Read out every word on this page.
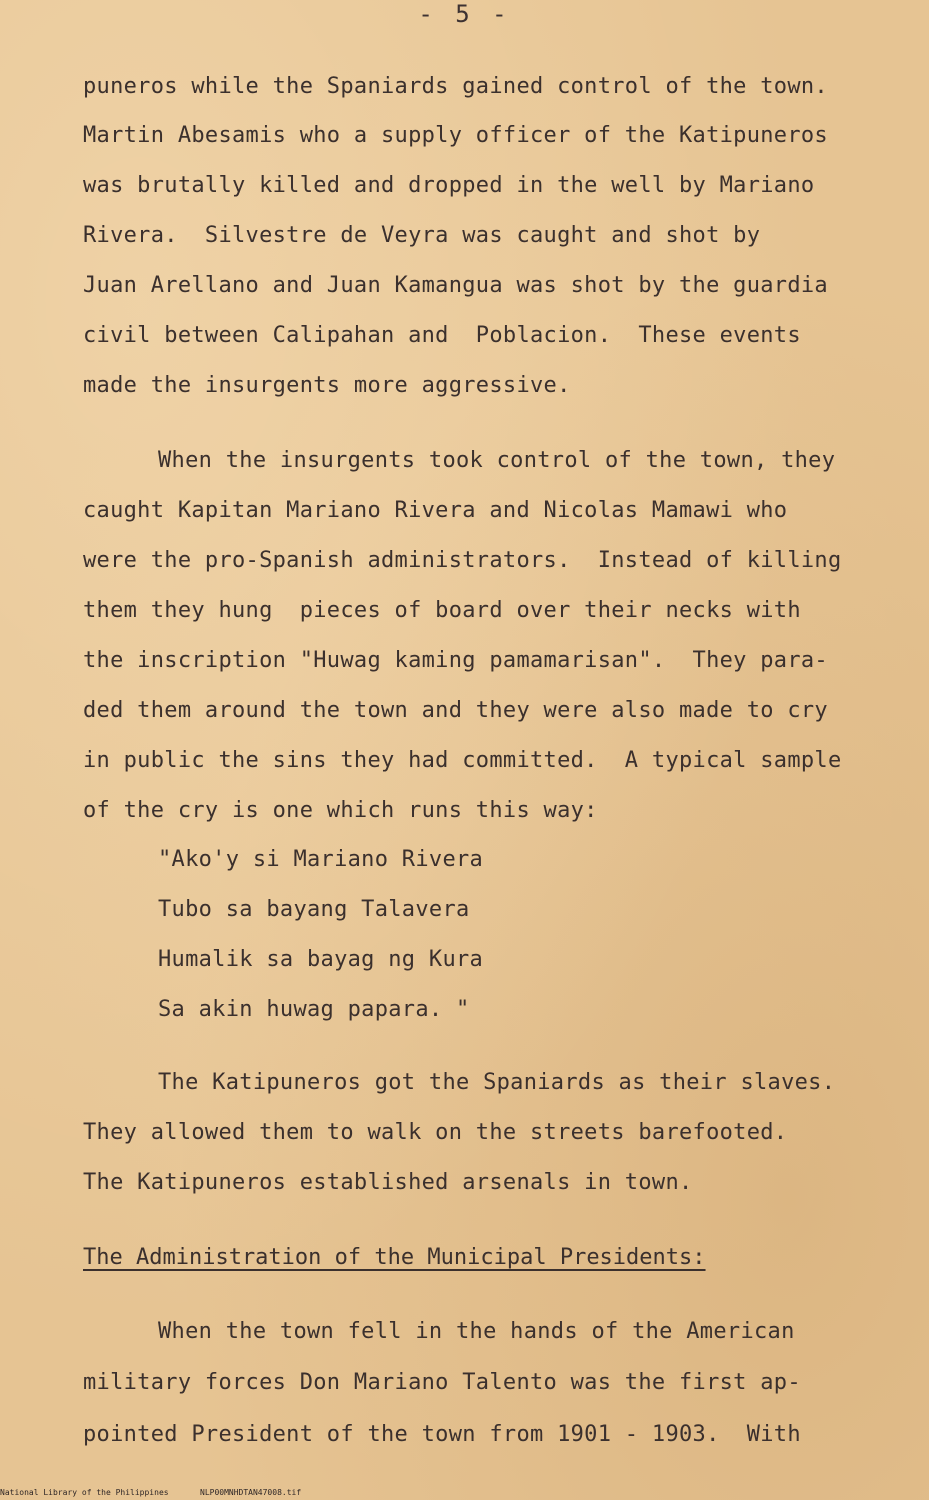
- 5 -
puneros while the Spaniards gained control of the town.
Martin Abesamis who a supply officer of the Katipuneros
was brutally killed and dropped in the well by Mariano
Rivera.  Silvestre de Veyra was caught and shot by
Juan Arellano and Juan Kamangua was shot by the guardia
civil between Calipahan and  Poblacion.  These events
made the insurgents more aggressive.
When the insurgents took control of the town, they
caught Kapitan Mariano Rivera and Nicolas Mamawi who
were the pro-Spanish administrators.  Instead of killing
them they hung  pieces of board over their necks with
the inscription "Huwag kaming pamamarisan".  They para-
ded them around the town and they were also made to cry
in public the sins they had committed.  A typical sample
of the cry is one which runs this way:
"Ako'y si Mariano Rivera
Tubo sa bayang Talavera
Humalik sa bayag ng Kura
Sa akin huwag papara. "
The Katipuneros got the Spaniards as their slaves.
They allowed them to walk on the streets barefooted.
The Katipuneros established arsenals in town.
The Administration of the Municipal Presidents:
When the town fell in the hands of the American
military forces Don Mariano Talento was the first ap-
pointed President of the town from 1901 - 1903.  With
National Library of the Philippines	NLP00MNHDTAN47008.tif
